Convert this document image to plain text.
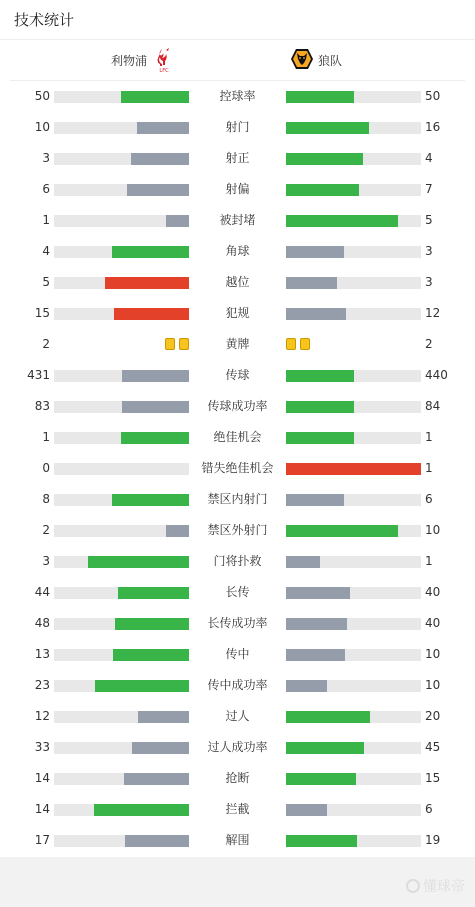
技术统计
利物浦
LFC
狼队
50	控球率	50
10	射门	16
3	射正	4
6	射偏	7
1	被封堵	5
4	角球	3
5	越位	3
15	犯规	12
2	黄牌	2
431	传球	440
83	传球成功率	84
1	绝佳机会	1
0	错失绝佳机会	1
8	禁区内射门	6
2	禁区外射门	10
3	门将扑救	1
44	长传	40
48	长传成功率	40
13	传中	10
23	传中成功率	10
12	过人	20
33	过人成功率	45
14	抢断	15
14	拦截	6
17	解围	19
懂球帝
